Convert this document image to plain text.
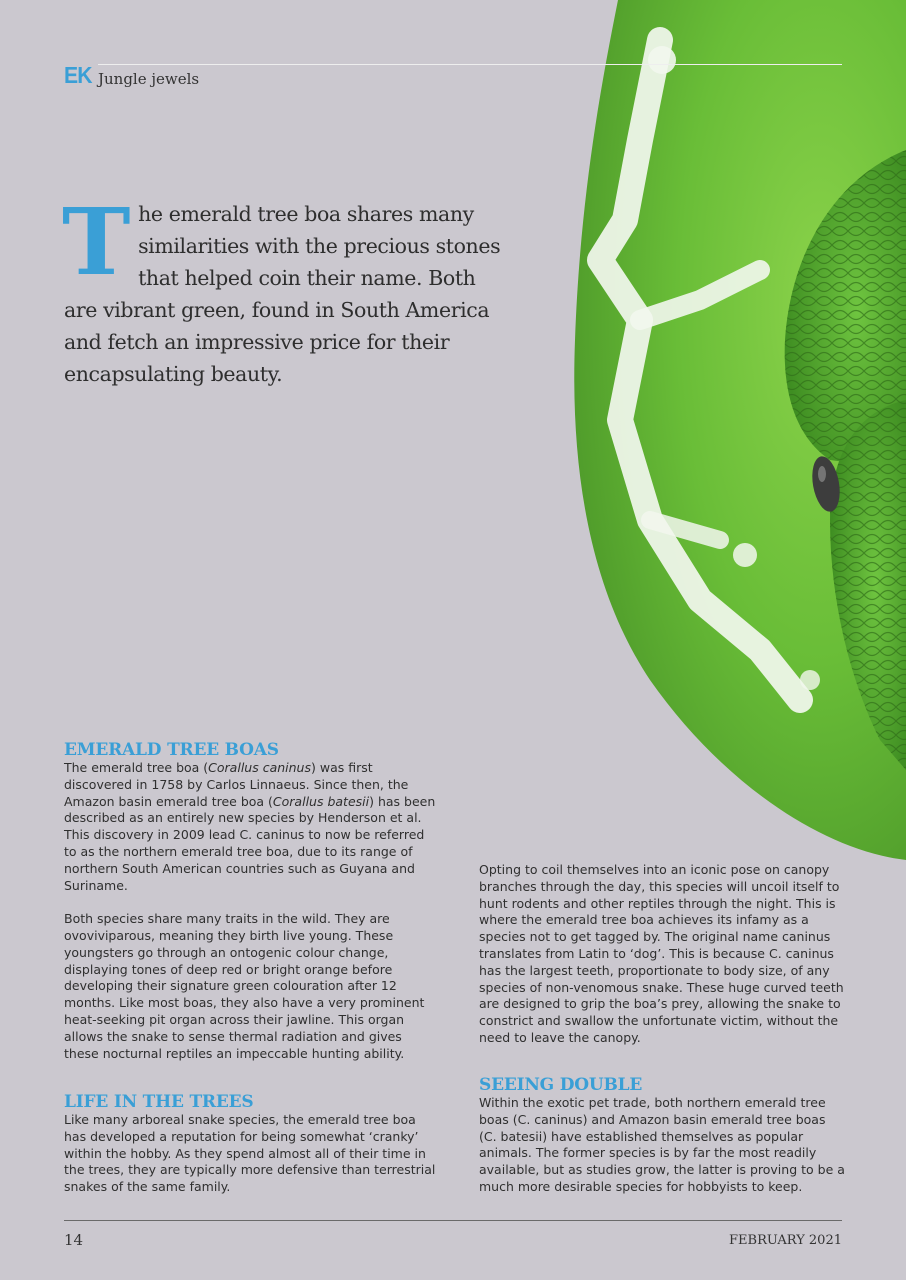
EK Jungle jewels

The emerald tree boa shares many similarities with the precious stones that helped coin their name. Both are vibrant green, found in South America and fetch an impressive price for their encapsulating beauty.

EMERALD TREE BOAS

The emerald tree boa (Corallus caninus) was first discovered in 1758 by Carlos Linnaeus. Since then, the Amazon basin emerald tree boa (Corallus batesii) has been described as an entirely new species by Henderson et al. This discovery in 2009 lead C. caninus to now be referred to as the northern emerald tree boa, due to its range of northern South American countries such as Guyana and Suriname.

Both species share many traits in the wild. They are ovoviviparous, meaning they birth live young. These youngsters go through an ontogenic colour change, displaying tones of deep red or bright orange before developing their signature green colouration after 12 months. Like most boas, they also have a very prominent heat-seeking pit organ across their jawline. This organ allows the snake to sense thermal radiation and gives these nocturnal reptiles an impeccable hunting ability.

LIFE IN THE TREES

Like many arboreal snake species, the emerald tree boa has developed a reputation for being somewhat ‘cranky’ within the hobby. As they spend almost all of their time in the trees, they are typically more defensive than terrestrial snakes of the same family.

Opting to coil themselves into an iconic pose on canopy branches through the day, this species will uncoil itself to hunt rodents and other reptiles through the night. This is where the emerald tree boa achieves its infamy as a species not to get tagged by. The original name caninus translates from Latin to ‘dog’. This is because C. caninus has the largest teeth, proportionate to body size, of any species of non-venomous snake. These huge curved teeth are designed to grip the boa’s prey, allowing the snake to constrict and swallow the unfortunate victim, without the need to leave the canopy.

SEEING DOUBLE

Within the exotic pet trade, both northern emerald tree boas (C. caninus) and Amazon basin emerald tree boas (C. batesii) have established themselves as popular animals. The former species is by far the most readily available, but as studies grow, the latter is proving to be a much more desirable species for hobbyists to keep.

14	FEBRUARY 2021
